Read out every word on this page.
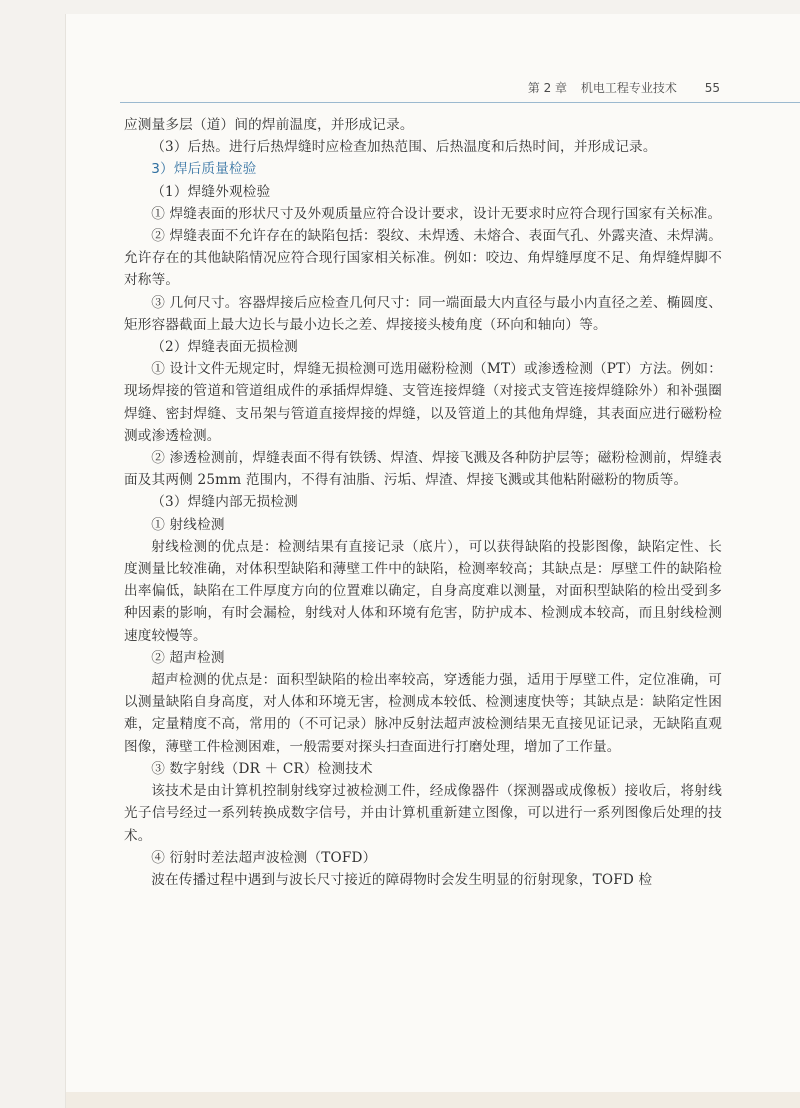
第 2 章 机电工程专业技术 55

应测量多层（道）间的焊前温度，并形成记录。

（3）后热。进行后热焊缝时应检查加热范围、后热温度和后热时间，并形成记录。

3）焊后质量检验

（1）焊缝外观检验

① 焊缝表面的形状尺寸及外观质量应符合设计要求，设计无要求时应符合现行国家有关标准。

② 焊缝表面不允许存在的缺陷包括：裂纹、未焊透、未熔合、表面气孔、外露夹渣、未焊满。允许存在的其他缺陷情况应符合现行国家相关标准。例如：咬边、角焊缝厚度不足、角焊缝焊脚不对称等。

③ 几何尺寸。容器焊接后应检查几何尺寸：同一端面最大内直径与最小内直径之差、椭圆度、矩形容器截面上最大边长与最小边长之差、焊接接头棱角度（环向和轴向）等。

（2）焊缝表面无损检测

① 设计文件无规定时，焊缝无损检测可选用磁粉检测（MT）或渗透检测（PT）方法。例如：现场焊接的管道和管道组成件的承插焊焊缝、支管连接焊缝（对接式支管连接焊缝除外）和补强圈焊缝、密封焊缝、支吊架与管道直接焊接的焊缝，以及管道上的其他角焊缝，其表面应进行磁粉检测或渗透检测。

② 渗透检测前，焊缝表面不得有铁锈、焊渣、焊接飞溅及各种防护层等；磁粉检测前，焊缝表面及其两侧 25mm 范围内，不得有油脂、污垢、焊渣、焊接飞溅或其他粘附磁粉的物质等。

（3）焊缝内部无损检测

① 射线检测

射线检测的优点是：检测结果有直接记录（底片），可以获得缺陷的投影图像，缺陷定性、长度测量比较准确，对体积型缺陷和薄壁工件中的缺陷，检测率较高；其缺点是：厚壁工件的缺陷检出率偏低，缺陷在工件厚度方向的位置难以确定，自身高度难以测量，对面积型缺陷的检出受到多种因素的影响，有时会漏检，射线对人体和环境有危害，防护成本、检测成本较高，而且射线检测速度较慢等。

② 超声检测

超声检测的优点是：面积型缺陷的检出率较高，穿透能力强，适用于厚壁工件，定位准确，可以测量缺陷自身高度，对人体和环境无害，检测成本较低、检测速度快等；其缺点是：缺陷定性困难，定量精度不高，常用的（不可记录）脉冲反射法超声波检测结果无直接见证记录，无缺陷直观图像，薄壁工件检测困难，一般需要对探头扫查面进行打磨处理，增加了工作量。

③ 数字射线（DR ＋ CR）检测技术

该技术是由计算机控制射线穿过被检测工件，经成像器件（探测器或成像板）接收后，将射线光子信号经过一系列转换成数字信号，并由计算机重新建立图像，可以进行一系列图像后处理的技术。

④ 衍射时差法超声波检测（TOFD）

波在传播过程中遇到与波长尺寸接近的障碍物时会发生明显的衍射现象，TOFD 检
